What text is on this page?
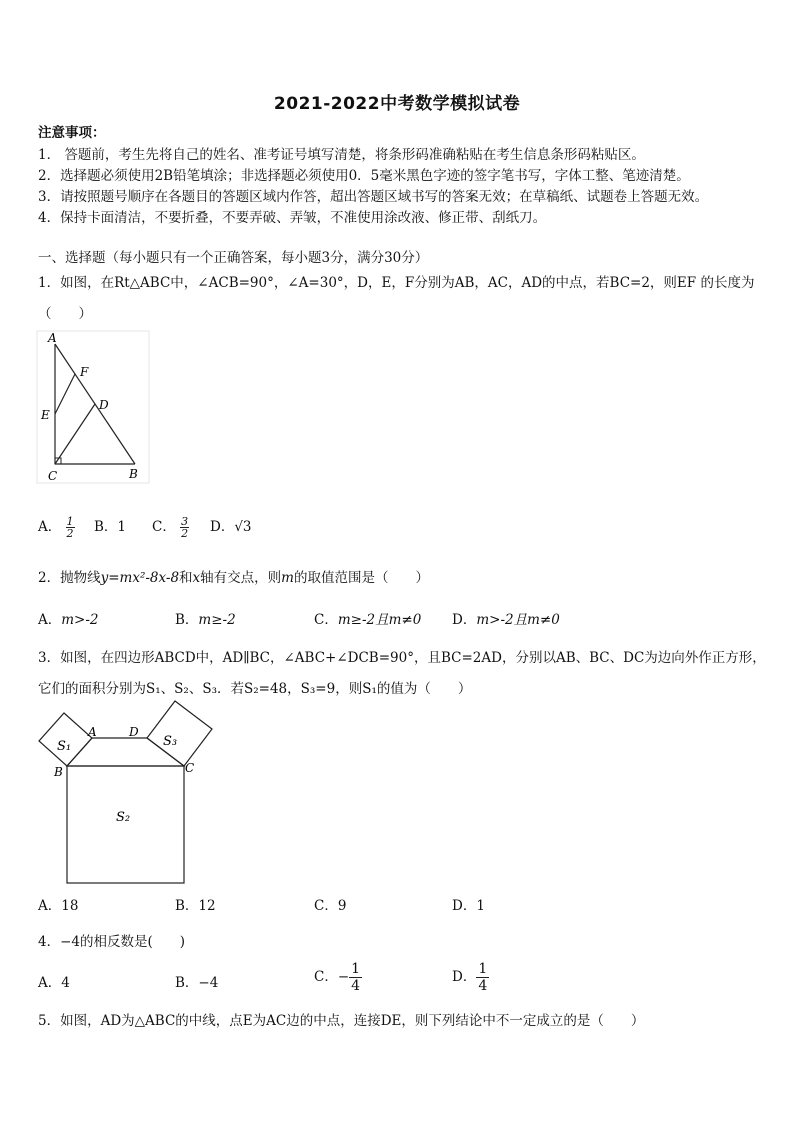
2021-2022中考数学模拟试卷
注意事项：
1． 答题前，考生先将自己的姓名、准考证号填写清楚，将条形码准确粘贴在考生信息条形码粘贴区。
2．选择题必须使用2B铅笔填涂；非选择题必须使用0．5毫米黑色字迹的签字笔书写，字体工整、笔迹清楚。
3．请按照题号顺序在各题目的答题区域内作答，超出答题区域书写的答案无效；在草稿纸、试题卷上答题无效。
4．保持卡面清洁，不要折叠，不要弄破、弄皱，不准使用涂改液、修正带、刮纸刀。
一、选择题（每小题只有一个正确答案，每小题3分，满分30分）
1．如图，在Rt△ABC中，∠ACB=90°，∠A=30°，D，E，F分别为AB，AC，AD的中点，若BC=2，则EF 的长度为
（　　）
A
F
D
E
C	B
A． $\frac{1}{2}$ B．1 C． $\frac{3}{2}$ D．√3
2．抛物线y=mx²-8x-8和x轴有交点，则m的取值范围是（　　）
A．m>-2	B．m≥-2	C．m≥-2且m≠0 D．m>-2且m≠0
3．如图，在四边形ABCD中，AD∥BC，∠ABC+∠DCB=90°，且BC=2AD，分别以AB、BC、DC为边向外作正方形，
它们的面积分别为S₁、S₂、S₃．若S₂=48，S₃=9，则S₁的值为（　　）
S₁
A	D
S₃
B	C
S₂
A．18	B．12	C．9	D．1
4．−4的相反数是(　　)
A．4	B．−4	C．− $\frac{1}{4}$	D． $\frac{1}{4}$
5．如图，AD为△ABC的中线，点E为AC边的中点，连接DE，则下列结论中不一定成立的是（　　）
